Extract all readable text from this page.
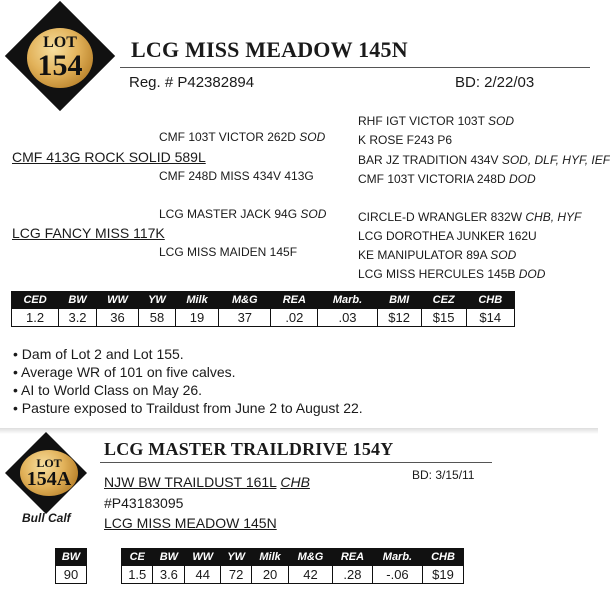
LOT
154 LCG MISS MEADOW 145N
Reg. # P42382894	BD: 2/22/03
CMF 103T VICTOR 262D SOD
CMF 413G ROCK SOLID 589L
CMF 248D MISS 434V 413G
LCG MASTER JACK 94G SOD
LCG FANCY MISS 117K
LCG MISS MAIDEN 145F
RHF IGT VICTOR 103T SOD
K ROSE F243 P6
BAR JZ TRADITION 434V SOD, DLF, HYF, IEF
CMF 103T VICTORIA 248D DOD
CIRCLE-D WRANGLER 832W CHB, HYF
LCG DOROTHEA JUNKER 162U
KE MANIPULATOR 89A SOD
LCG MISS HERCULES 145B DOD
CED	BW	WW	YW	Milk	M&G	REA	Marb.	BMI	CEZ	CHB
1.2	3.2	36	58	19	37	.02	.03	$12	$15	$14
• Dam of Lot 2 and Lot 155.
• Average WR of 101 on five calves.
• AI to World Class on May 26.
• Pasture exposed to Traildust from June 2 to August 22.
LOT
154A
Bull Calf
LCG MASTER TRAILDRIVE 154Y
BD: 3/15/11
NJW BW TRAILDUST 161L CHB
#P43183095
LCG MISS MEADOW 145N
BW
90
CE	BW	WW	YW	Milk	M&G	REA	Marb.	CHB
1.5	3.6	44	72	20	42	.28	-.06	$19
